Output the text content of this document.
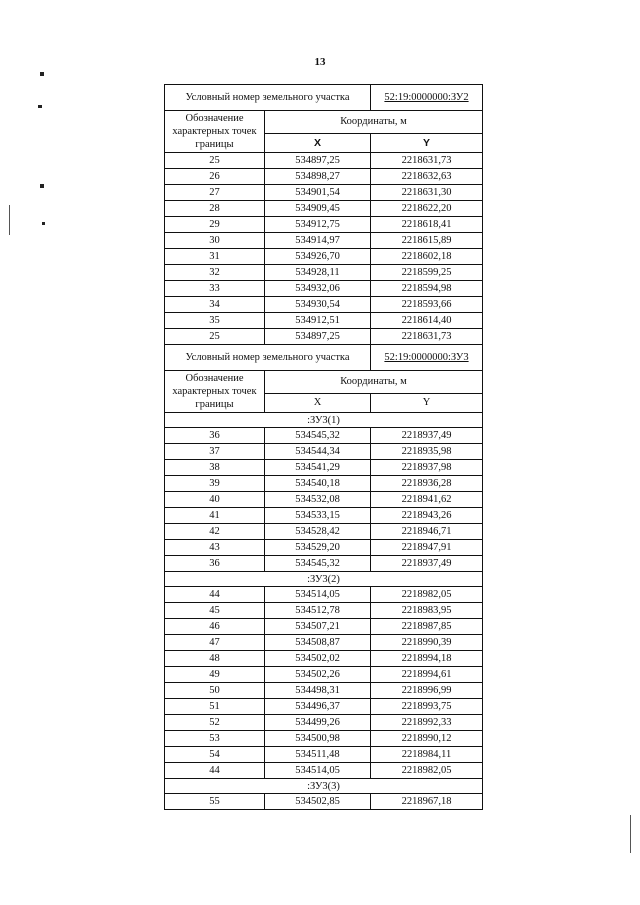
13
Условный номер земельного участка		52:19:0000000:ЗУ2
Обозначение характерных точек границы	Координаты, м	
	X	Y
25	534897,25	2218631,73
26	534898,27	2218632,63
27	534901,54	2218631,30
28	534909,45	2218622,20
29	534912,75	2218618,41
30	534914,97	2218615,89
31	534926,70	2218602,18
32	534928,11	2218599,25
33	534932,06	2218594,98
34	534930,54	2218593,66
35	534912,51	2218614,40
25	534897,25	2218631,73
Условный номер земельного участка		52:19:0000000:ЗУ3
Обозначение характерных точек границы	Координаты, м	
	X	Y
:ЗУ3(1)		
36	534545,32	2218937,49
37	534544,34	2218935,98
38	534541,29	2218937,98
39	534540,18	2218936,28
40	534532,08	2218941,62
41	534533,15	2218943,26
42	534528,42	2218946,71
43	534529,20	2218947,91
36	534545,32	2218937,49
:ЗУ3(2)		
44	534514,05	2218982,05
45	534512,78	2218983,95
46	534507,21	2218987,85
47	534508,87	2218990,39
48	534502,02	2218994,18
49	534502,26	2218994,61
50	534498,31	2218996,99
51	534496,37	2218993,75
52	534499,26	2218992,33
53	534500,98	2218990,12
54	534511,48	2218984,11
44	534514,05	2218982,05
:ЗУ3(3)		
55	534502,85	2218967,18
